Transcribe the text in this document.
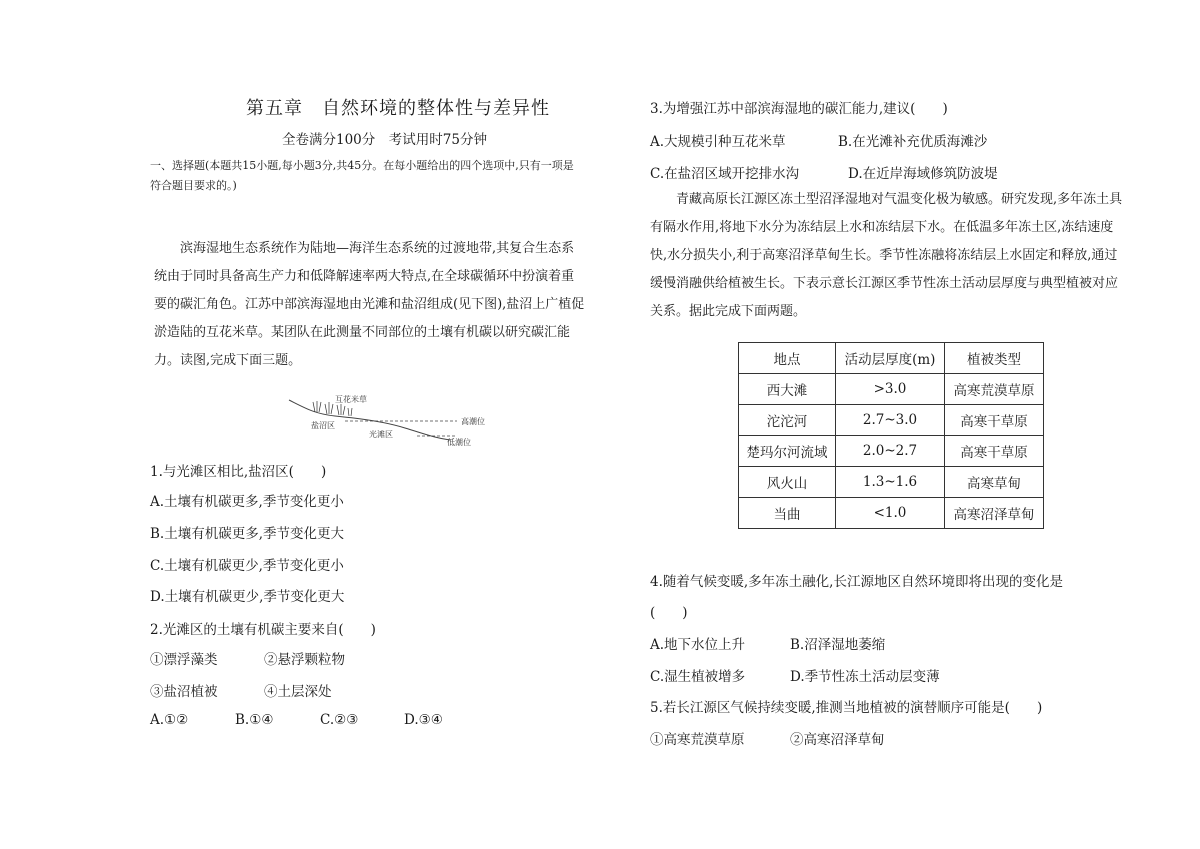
第五章　自然环境的整体性与差异性
全卷满分100分　考试用时75分钟
一、选择题(本题共15小题,每小题3分,共45分。在每小题给出的四个选项中,只有一项是符合题目要求的。)
滨海湿地生态系统作为陆地—海洋生态系统的过渡地带,其复合生态系统由于同时具备高生产力和低降解速率两大特点,在全球碳循环中扮演着重要的碳汇角色。江苏中部滨海湿地由光滩和盐沼组成(见下图),盐沼上广植促淤造陆的互花米草。某团队在此测量不同部位的土壤有机碳以研究碳汇能力。读图,完成下面三题。
互花米草
盐沼区
光滩区
高潮位
低潮位
1.与光滩区相比,盐沼区(　　)
A.土壤有机碳更多,季节变化更小
B.土壤有机碳更多,季节变化更大
C.土壤有机碳更少,季节变化更小
D.土壤有机碳更少,季节变化更大
2.光滩区的土壤有机碳主要来自(　　)
①漂浮藻类	②悬浮颗粒物
③盐沼植被	④土层深处
A.①②	B.①④	C.②③	D.③④
3.为增强江苏中部滨海湿地的碳汇能力,建议(　　)
A.大规模引种互花米草	B.在光滩补充优质海滩沙
C.在盐沼区域开挖排水沟	D.在近岸海域修筑防波堤
青藏高原长江源区冻土型沼泽湿地对气温变化极为敏感。研究发现,多年冻土具有隔水作用,将地下水分为冻结层上水和冻结层下水。在低温多年冻土区,冻结速度快,水分损失小,利于高寒沼泽草甸生长。季节性冻融将冻结层上水固定和释放,通过缓慢消融供给植被生长。下表示意长江源区季节性冻土活动层厚度与典型植被对应关系。据此完成下面两题。
地点	活动层厚度(m)	植被类型
西大滩	>3.0	高寒荒漠草原
沱沱河	2.7~3.0	高寒干草原
楚玛尔河流域	2.0~2.7	高寒干草原
风火山	1.3~1.6	高寒草甸
当曲	<1.0	高寒沼泽草甸
4.随着气候变暖,多年冻土融化,长江源地区自然环境即将出现的变化是
(　　)
A.地下水位上升	B.沼泽湿地萎缩
C.湿生植被增多	D.季节性冻土活动层变薄
5.若长江源区气候持续变暖,推测当地植被的演替顺序可能是(　　)
①高寒荒漠草原	②高寒沼泽草甸
